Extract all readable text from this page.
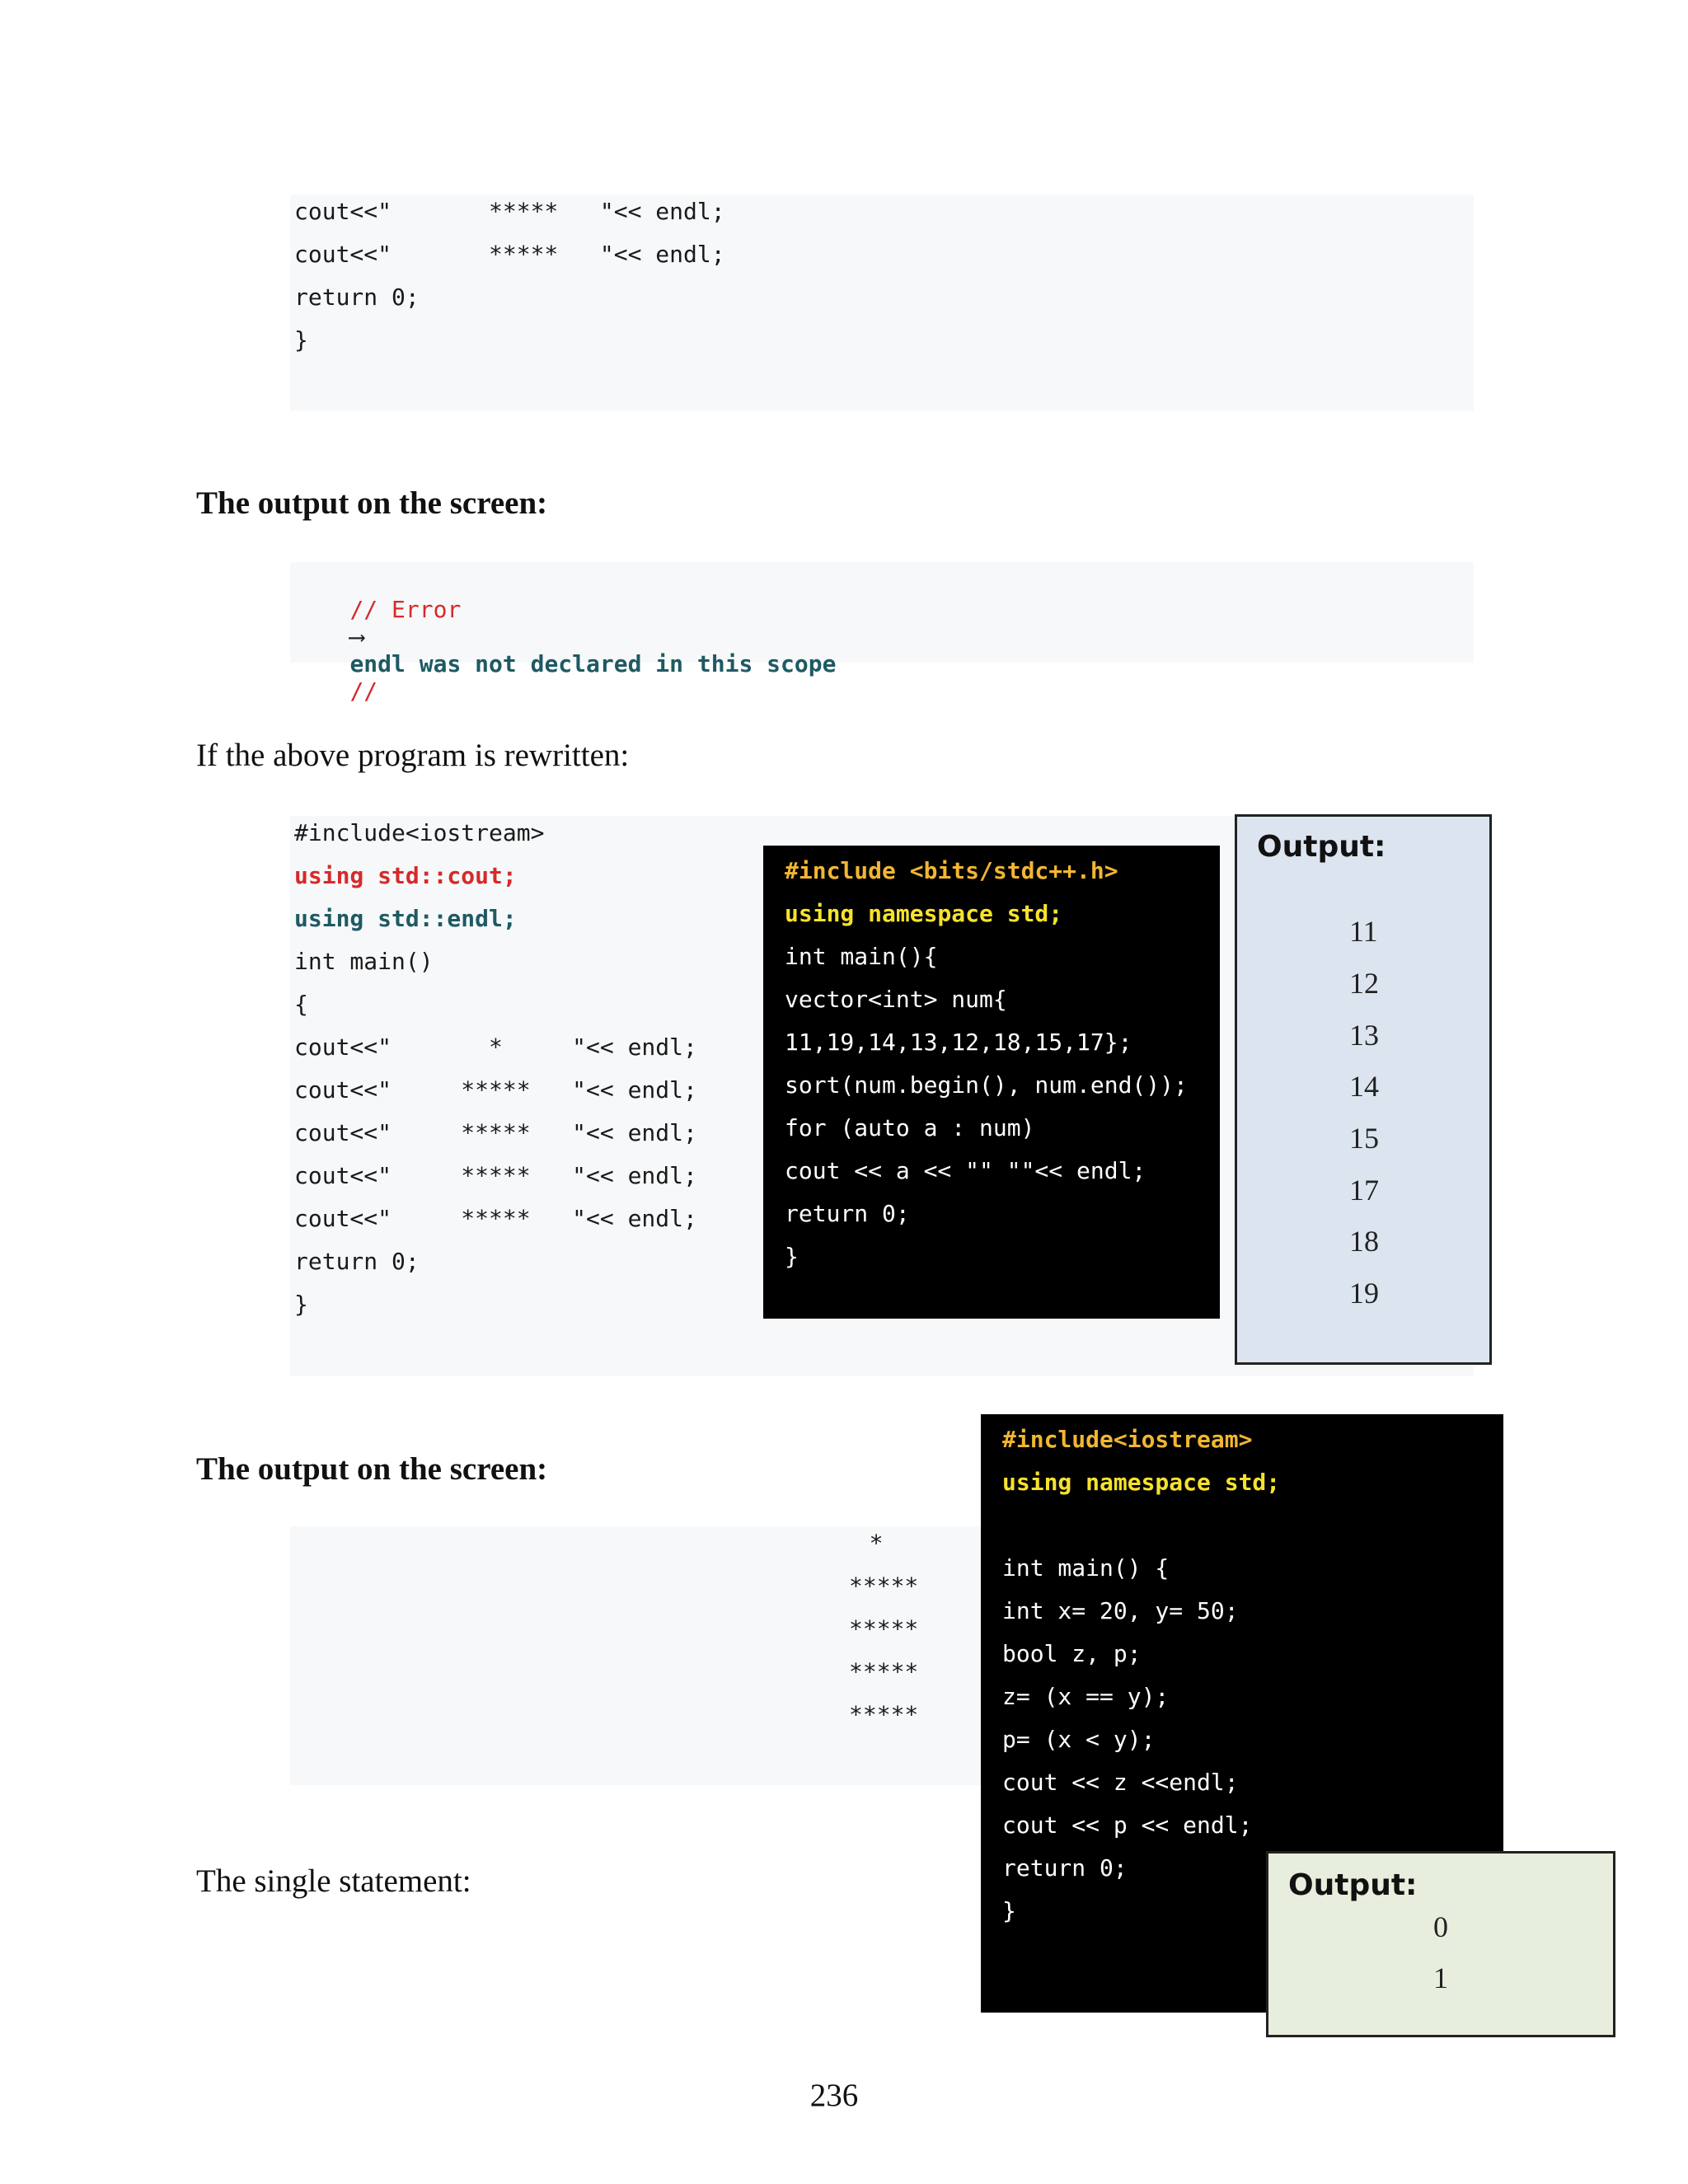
cout<<"       *****   "<< endl;
cout<<"       *****   "<< endl;
return 0;
}
The output on the screen:

// Error
⟶
endl was not declared in this scope
//

If the above program is rewritten:
#include<iostream>
using std::cout;
using std::endl;
int main()
{
cout<<"       *     "<< endl;
cout<<"     *****   "<< endl;
cout<<"     *****   "<< endl;
cout<<"     *****   "<< endl;
cout<<"     *****   "<< endl;
return 0;
}
#include <bits/stdc++.h>
using namespace std;
int main(){
vector<int> num{
11,19,14,13,12,18,15,17};
sort(num.begin(), num.end());
for (auto a : num)
cout << a << "" ""<< endl;
return 0;
}
Output:
11
12
13
14
15
17
18
19
The output on the screen:
*
*****
*****
*****
*****
#include<iostream>
using namespace std;
int main() {
int x= 20, y= 50;
bool z, p;
z= (x == y);
p= (x < y);
cout << z <<endl;
cout << p << endl;
return 0;
}
The single statement:	Output:
0
1
236
